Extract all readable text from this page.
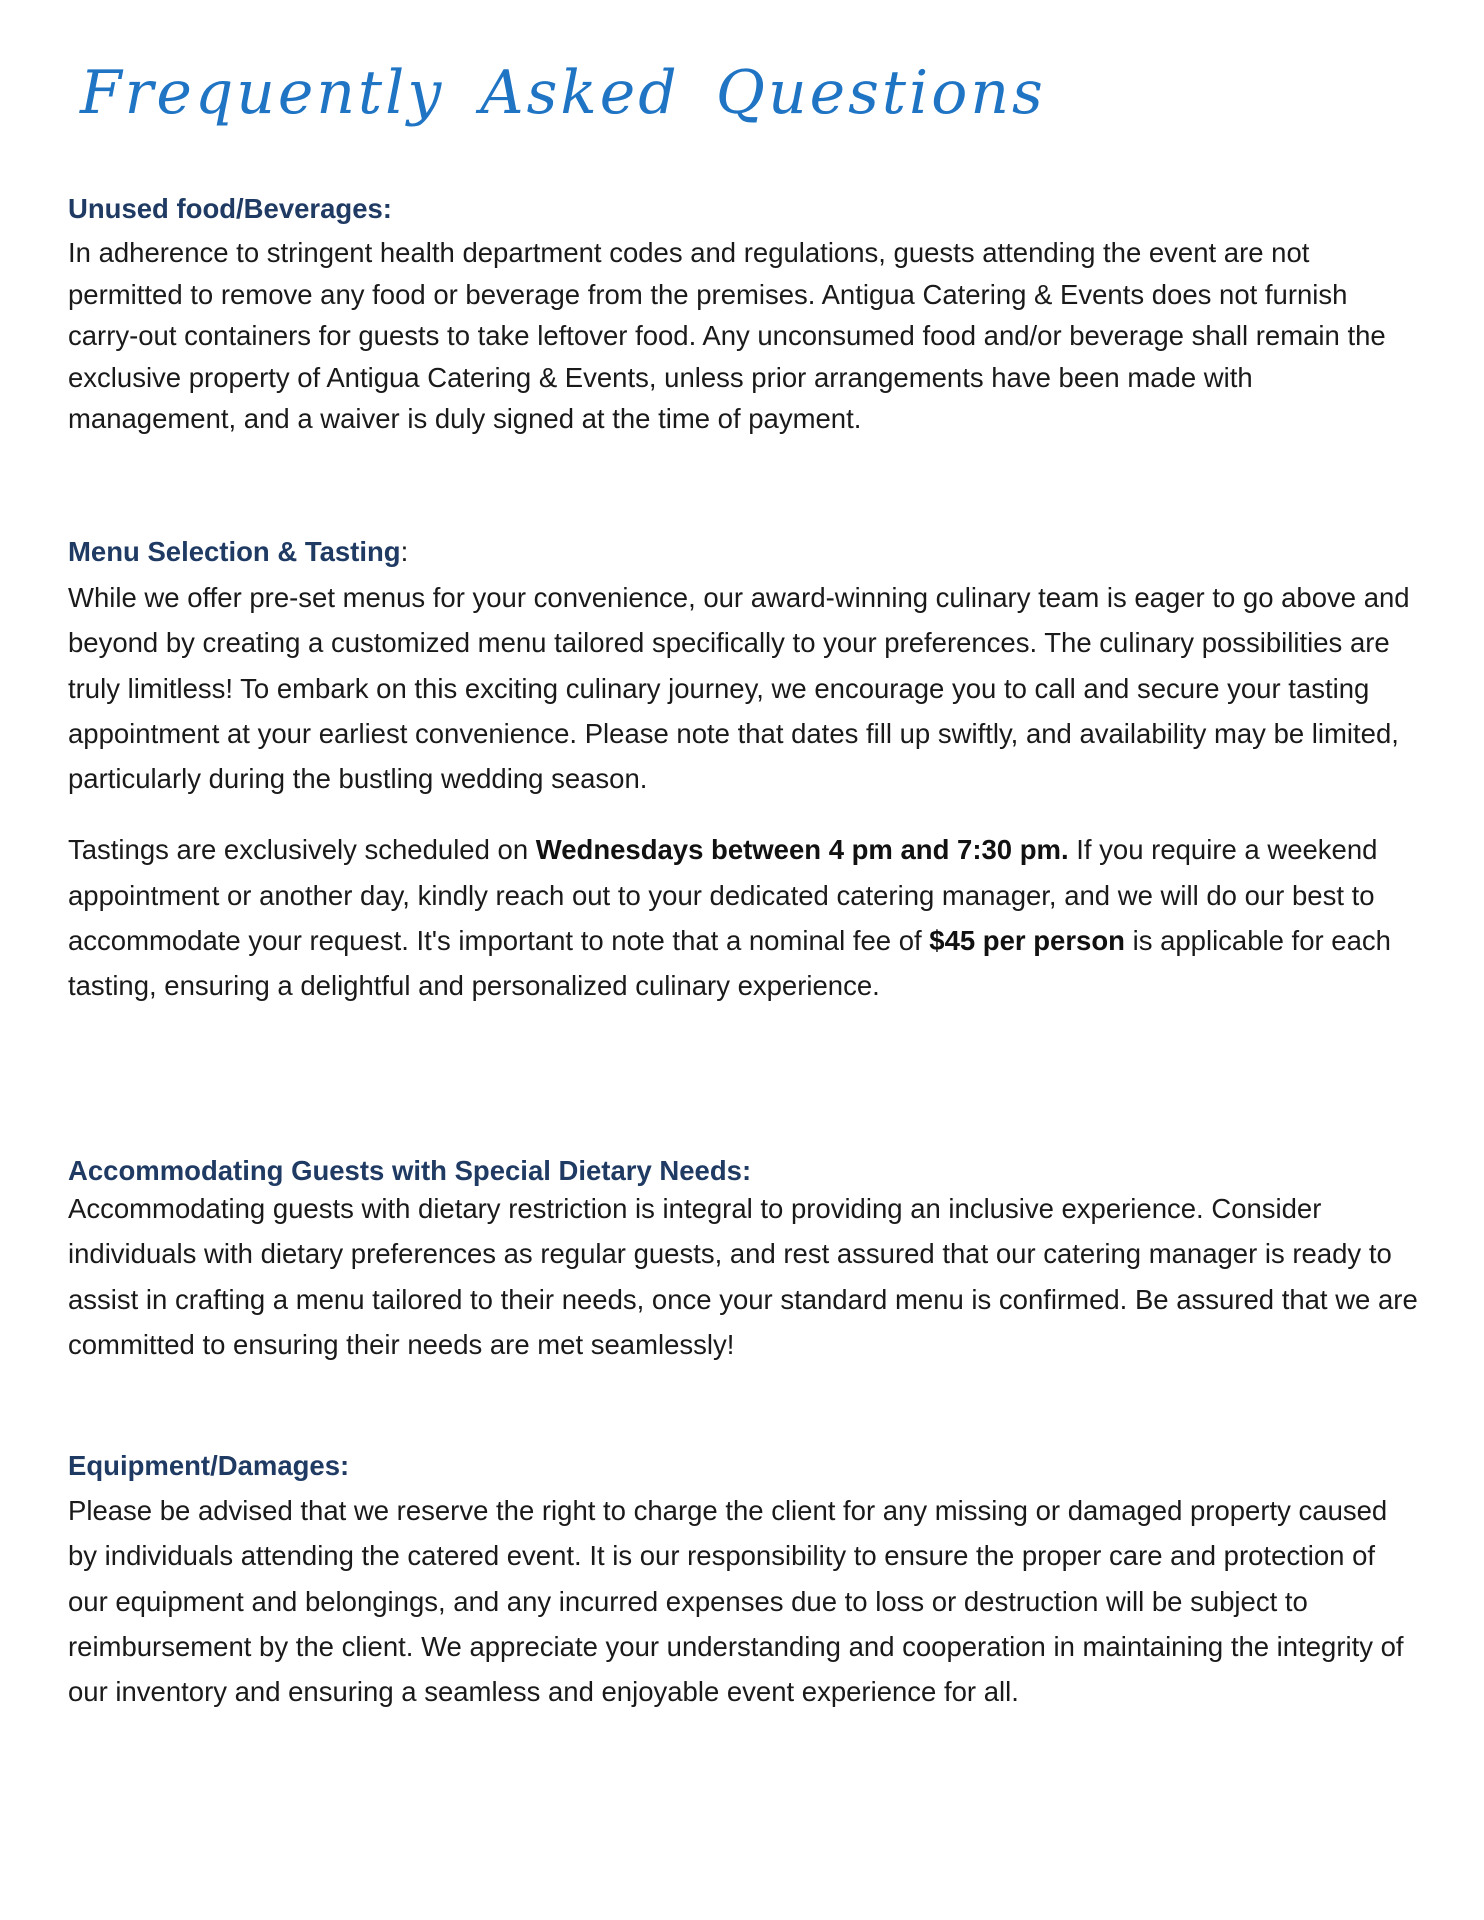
Frequently Asked Questions

Unused food/Beverages:

In adherence to stringent health department codes and regulations, guests attending the event are not permitted to remove any food or beverage from the premises. Antigua Catering & Events does not furnish carry-out containers for guests to take leftover food. Any unconsumed food and/or beverage shall remain the exclusive property of Antigua Catering & Events, unless prior arrangements have been made with management, and a waiver is duly signed at the time of payment.

Menu Selection & Tasting:

While we offer pre-set menus for your convenience, our award-winning culinary team is eager to go above and beyond by creating a customized menu tailored specifically to your preferences. The culinary possibilities are truly limitless! To embark on this exciting culinary journey, we encourage you to call and secure your tasting appointment at your earliest convenience. Please note that dates fill up swiftly, and availability may be limited, particularly during the bustling wedding season.

Tastings are exclusively scheduled on Wednesdays between 4 pm and 7:30 pm. If you require a weekend appointment or another day, kindly reach out to your dedicated catering manager, and we will do our best to accommodate your request. It's important to note that a nominal fee of $45 per person is applicable for each tasting, ensuring a delightful and personalized culinary experience.

Accommodating Guests with Special Dietary Needs:

Accommodating guests with dietary restriction is integral to providing an inclusive experience. Consider individuals with dietary preferences as regular guests, and rest assured that our catering manager is ready to assist in crafting a menu tailored to their needs, once your standard menu is confirmed. Be assured that we are committed to ensuring their needs are met seamlessly!

Equipment/Damages:

Please be advised that we reserve the right to charge the client for any missing or damaged property caused by individuals attending the catered event. It is our responsibility to ensure the proper care and protection of our equipment and belongings, and any incurred expenses due to loss or destruction will be subject to reimbursement by the client. We appreciate your understanding and cooperation in maintaining the integrity of our inventory and ensuring a seamless and enjoyable event experience for all.
